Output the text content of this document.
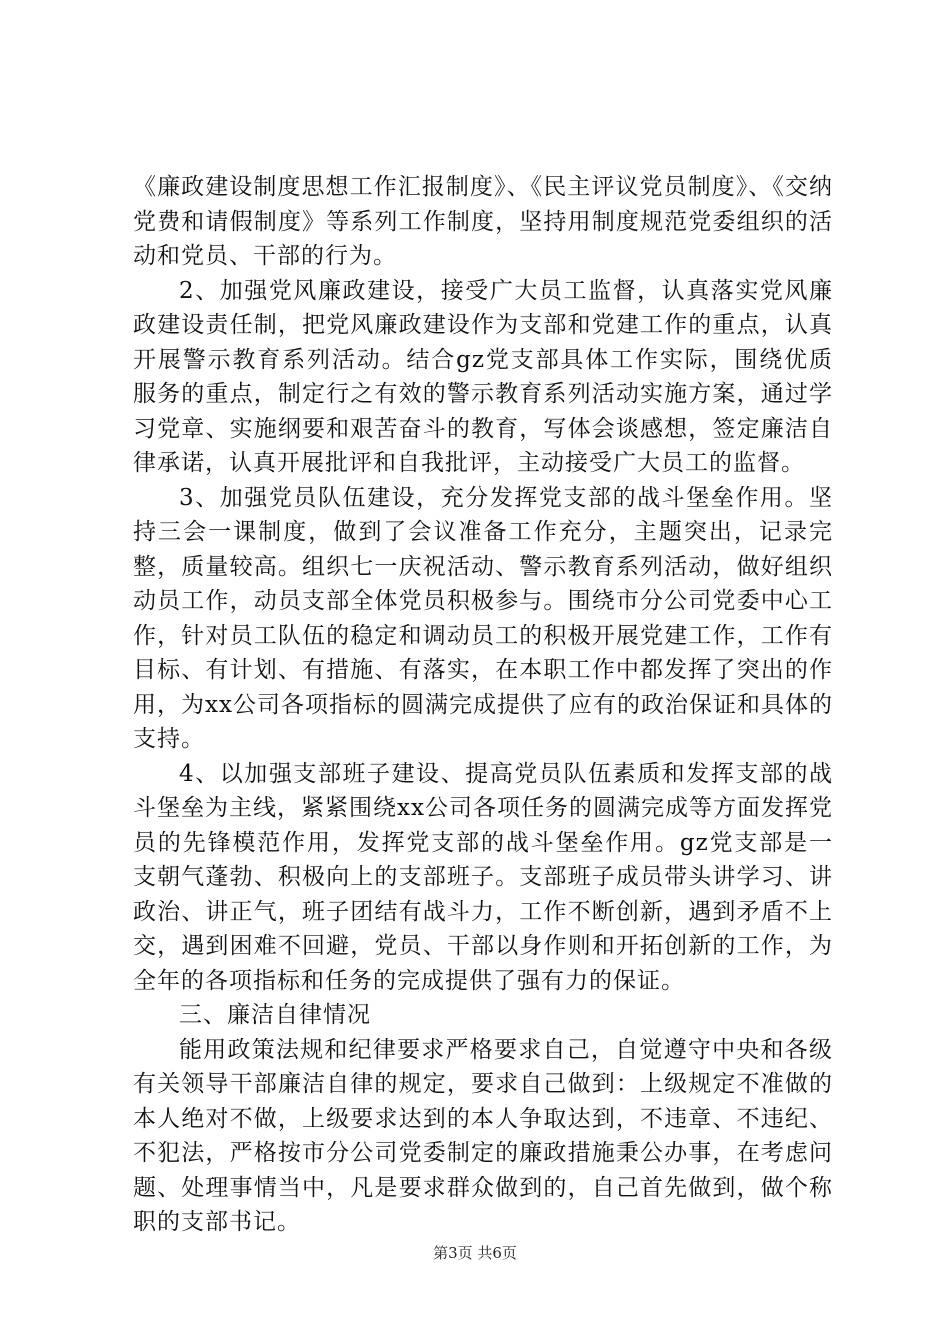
《廉政建设制度思想工作汇报制度》、《民主评议党员制度》、《交纳党费和请假制度》等系列工作制度，坚持用制度规范党委组织的活动和党员、干部的行为。

2、加强党风廉政建设，接受广大员工监督，认真落实党风廉政建设责任制，把党风廉政建设作为支部和党建工作的重点，认真开展警示教育系列活动。结合gz党支部具体工作实际，围绕优质服务的重点，制定行之有效的警示教育系列活动实施方案，通过学习党章、实施纲要和艰苦奋斗的教育，写体会谈感想，签定廉洁自律承诺，认真开展批评和自我批评，主动接受广大员工的监督。

3、加强党员队伍建设，充分发挥党支部的战斗堡垒作用。坚持三会一课制度，做到了会议准备工作充分，主题突出，记录完整，质量较高。组织七一庆祝活动、警示教育系列活动，做好组织动员工作，动员支部全体党员积极参与。围绕市分公司党委中心工作，针对员工队伍的稳定和调动员工的积极开展党建工作，工作有目标、有计划、有措施、有落实，在本职工作中都发挥了突出的作用，为xx公司各项指标的圆满完成提供了应有的政治保证和具体的支持。

4、以加强支部班子建设、提高党员队伍素质和发挥支部的战斗堡垒为主线，紧紧围绕xx公司各项任务的圆满完成等方面发挥党员的先锋模范作用，发挥党支部的战斗堡垒作用。gz党支部是一支朝气蓬勃、积极向上的支部班子。支部班子成员带头讲学习、讲政治、讲正气，班子团结有战斗力，工作不断创新，遇到矛盾不上交，遇到困难不回避，党员、干部以身作则和开拓创新的工作，为全年的各项指标和任务的完成提供了强有力的保证。

三、廉洁自律情况

能用政策法规和纪律要求严格要求自己，自觉遵守中央和各级有关领导干部廉洁自律的规定，要求自己做到：上级规定不准做的本人绝对不做，上级要求达到的本人争取达到，不违章、不违纪、不犯法，严格按市分公司党委制定的廉政措施秉公办事，在考虑问题、处理事情当中，凡是要求群众做到的，自己首先做到，做个称职的支部书记。

第3页 共6页
